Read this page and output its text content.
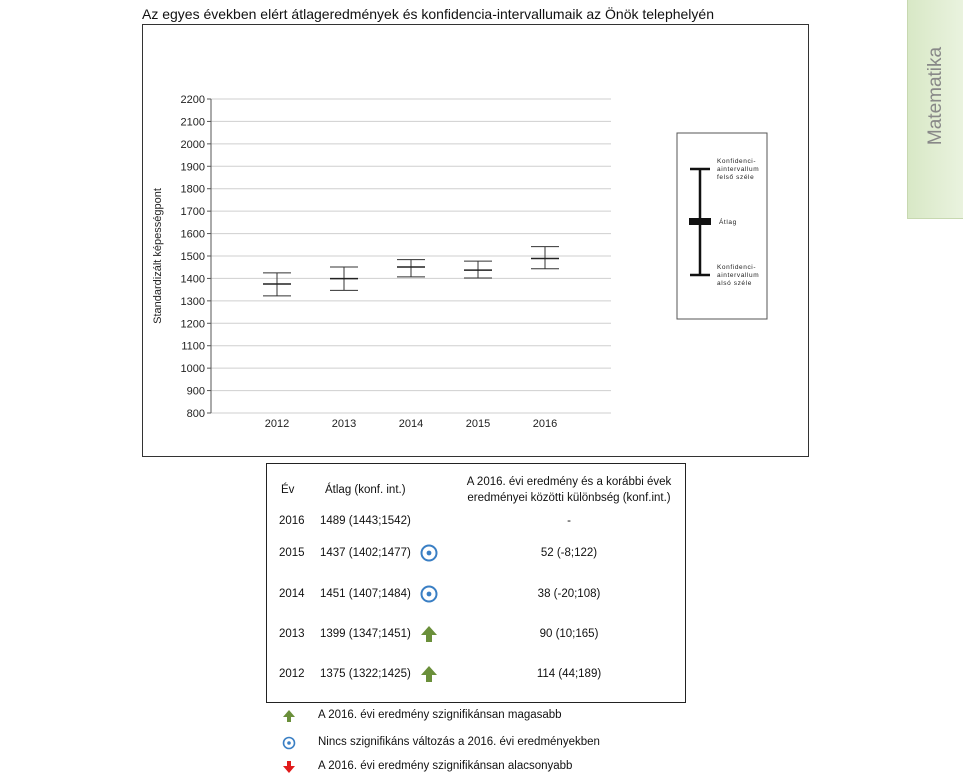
Az egyes években elért átlageredmények és konfidencia-intervallumaik az Önök telephelyén
Matematika
800
900
1000
1100
1200
1300
1400
1500
1600
1700
1800
1900
2000
2100
2200
Standardizált képességpont
2012	2013	2014	2015	2016
Konfidenci-aintervallum felső széle
Átlag
Konfidenci-aintervallum alsó széle
Év	Átlag (konf. int.)
A 2016. évi eredmény és a korábbi évek eredményei közötti különbség (konf.int.)
2016 1489 (1443;1542)	-
2015 1437 (1402;1477)	52 (-8;122)
2014 1451 (1407;1484)	38 (-20;108)
2013 1399 (1347;1451)	90 (10;165)
2012 1375 (1322;1425)	114 (44;189)
A 2016. évi eredmény szignifikánsan magasabb
Nincs szignifikáns változás a 2016. évi eredményekben
A 2016. évi eredmény szignifikánsan alacsonyabb
